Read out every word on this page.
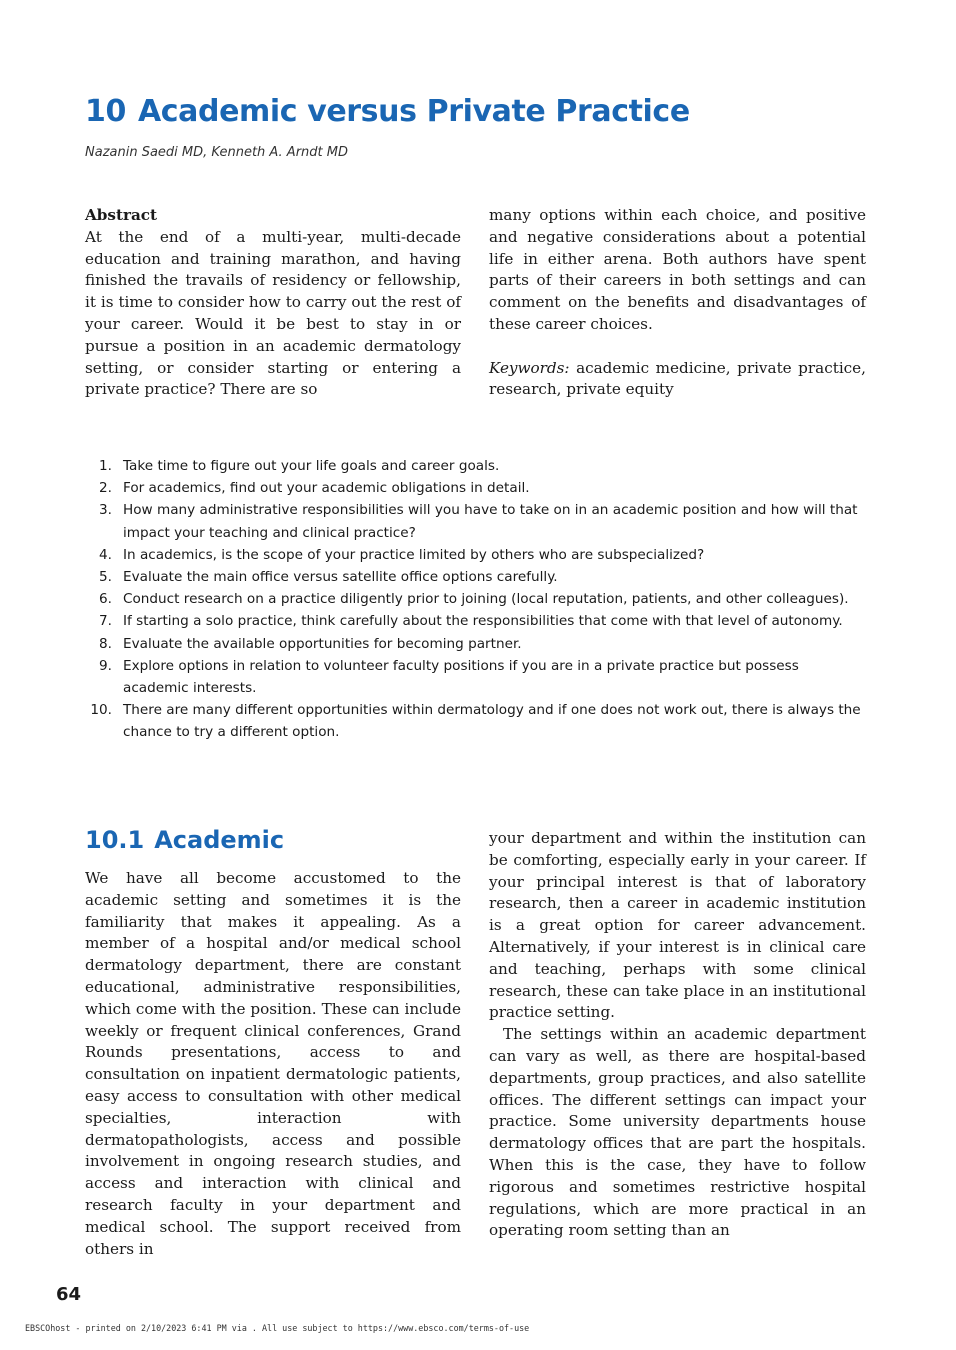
10 Academic versus Private Practice
Nazanin Saedi MD, Kenneth A. Arndt MD

Abstract

At the end of a multi-year, multi-decade education and training marathon, and having finished the travails of residency or fellowship, it is time to consider how to carry out the rest of your career. Would it be best to stay in or pursue a position in an academic dermatology setting, or consider starting or entering a private practice? There are so

many options within each choice, and positive and negative considerations about a potential life in either arena. Both authors have spent parts of their careers in both settings and can comment on the benefits and disadvantages of these career choices.

Keywords: academic medicine, private practice, research, private equity

1. Take time to figure out your life goals and career goals.
2. For academics, find out your academic obligations in detail.
3. How many administrative responsibilities will you have to take on in an academic position and how will that impact your teaching and clinical practice?
4. In academics, is the scope of your practice limited by others who are subspecialized?
5. Evaluate the main office versus satellite office options carefully.
6. Conduct research on a practice diligently prior to joining (local reputation, patients, and other colleagues).
7. If starting a solo practice, think carefully about the responsibilities that come with that level of autonomy.
8. Evaluate the available opportunities for becoming partner.
9. Explore options in relation to volunteer faculty positions if you are in a private practice but possess academic interests.
10. There are many different opportunities within dermatology and if one does not work out, there is always the chance to try a different option.
10.1 Academic
We have all become accustomed to the academic setting and sometimes it is the familiarity that makes it appealing. As a member of a hospital and/or medical school dermatology department, there are constant educational, administrative responsibilities, which come with the position. These can include weekly or frequent clinical conferences, Grand Rounds presentations, access to and consultation on inpatient dermatologic patients, easy access to consultation with other medical specialties, interaction with dermatopathologists, access and possible involvement in ongoing research studies, and access and interaction with clinical and research faculty in your department and medical school. The support received from others in

your department and within the institution can be comforting, especially early in your career. If your principal interest is that of laboratory research, then a career in academic institution is a great option for career advancement. Alternatively, if your interest is in clinical care and teaching, perhaps with some clinical research, these can take place in an institutional practice setting.

The settings within an academic department can vary as well, as there are hospital-based departments, group practices, and also satellite offices. The different settings can impact your practice. Some university departments house dermatology offices that are part the hospitals. When this is the case, they have to follow rigorous and sometimes restrictive hospital regulations, which are more practical in an operating room setting than an

64
EBSCOhost - printed on 2/10/2023 6:41 PM via . All use subject to https://www.ebsco.com/terms-of-use
